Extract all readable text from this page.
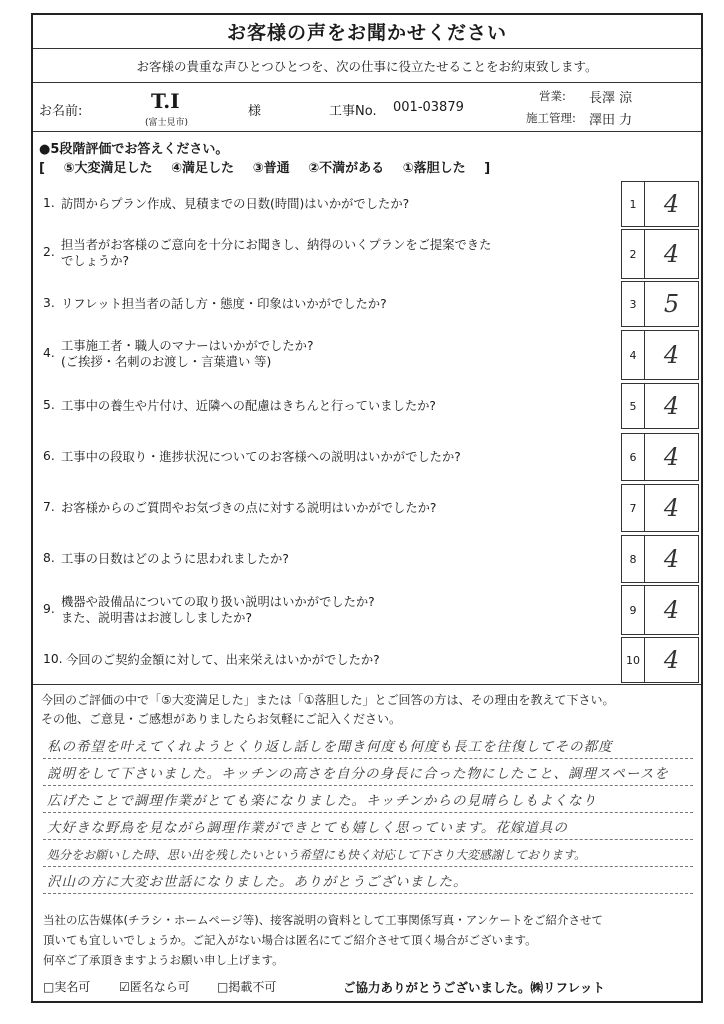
お客様の声をお聞かせください
お客様の貴重な声ひとつひとつを、次の仕事に役立たせることをお約束致します。
お名前:	T.I
(富士見市)
様	工事No. 001-03879
営業: 長澤 涼
施工管理: 澤田 力
●5段階評価でお答えください。
[ ⑤大変満足した ④満足した ③普通 ②不満がある ①落胆した ]
1. 訪問からプラン作成、見積までの日数(時間)はいかがでしたか?	1	4
2. 担当者がお客様のご意向を十分にお聞きし、納得のいくプランをご提案できた
でしょうか?	2	4
3. リフレット担当者の話し方・態度・印象はいかがでしたか?	3	5
4. 工事施工者・職人のマナーはいかがでしたか?
(ご挨拶・名刺のお渡し・言葉遣い 等)	4	4
5. 工事中の養生や片付け、近隣への配慮はきちんと行っていましたか?	5	4
6. 工事中の段取り・進捗状況についてのお客様への説明はいかがでしたか?	6	4
7. お客様からのご質問やお気づきの点に対する説明はいかがでしたか?	7	4
8. 工事の日数はどのように思われましたか?	8	4
9. 機器や設備品についての取り扱い説明はいかがでしたか?
また、説明書はお渡ししましたか?
9	4
10. 今回のご契約金額に対して、出来栄えはいかがでしたか?	10 4
今回のご評価の中で「⑤大変満足した」または「①落胆した」とご回答の方は、その理由を教えて下さい。
その他、ご意見・ご感想がありましたらお気軽にご記入ください。
私の希望を叶えてくれようとくり返し話しを聞き何度も何度も長工を往復してその都度
説明をして下さいました。キッチンの高さを自分の身長に合った物にしたこと、調理スペースを
広げたことで調理作業がとても楽になりました。キッチンからの見晴らしもよくなり
大好きな野鳥を見ながら調理作業ができとても嬉しく思っています。花嫁道具の
処分をお願いした時、思い出を残したいという希望にも快く対応して下さり大変感謝しております。
沢山の方に大変お世話になりました。ありがとうございました。
当社の広告媒体(チラシ・ホームページ等)、接客説明の資料として工事関係写真・アンケートをご紹介させて
頂いても宜しいでしょうか。ご記入がない場合は匿名にてご紹介させて頂く場合がございます。
何卒ご了承頂きますようお願い申し上げます。
□実名可 ☑匿名なら可 □掲載不可	ご協力ありがとうございました。㈱リフレット
